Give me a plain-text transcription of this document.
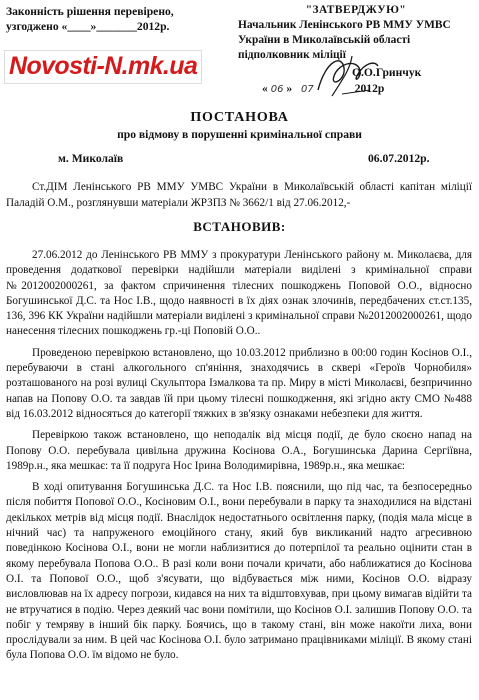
Законність рішення перевірено,
узгоджено «____»_______2012р.
Novosti-N.mk.ua
"ЗАТВЕРДЖУЮ"
Начальник Ленінського РВ ММУ УМВС
України в Миколаївській області
підполковник міліції
О.О.Гринчук
« 06 » 07	2012р
ПОСТАНОВА
про відмову в порушенні кримінальної справи
м. Миколаїв	06.07.2012р.
Ст.ДІМ Ленінського РВ ММУ УМВС України в Миколаївській області капітан міліції Паладій О.М., розглянувши матеріали ЖРЗПЗ № 3662/1 від 27.06.2012,-
ВСТАНОВИВ:

27.06.2012 до Ленінського РВ ММУ з прокуратури Ленінського району м. Миколаєва, для проведення додаткової перевірки надійшли матеріали виділені з кримінальної справи №2012002000261, за фактом спричинення тілесних пошкоджень Поповой О.О., відносно Богушинської Д.С. та Нос І.В., щодо наявності в їх діях ознак злочинів, передбачених ст.ст.135, 136, 396 КК України надійшли матеріали виділені з кримінальної справи №2012002000261, щодо нанесення тілесних пошкоджень гр.-ці Поповій О.О..

Проведеною перевіркою встановлено, що 10.03.2012 приблизно в 00:00 годин Косінов О.І., перебуваючи в стані алкогольного сп'яніння, знаходячись в сквері «Героїв Чорнобиля» розташованого на розі вулиці Скульптора Ізмалкова та пр. Миру в місті Миколаєві, безпричинно напав на Попову О.О. та завдав їй при цьому тілесні пошкодження, які згідно акту СМО №488 від 16.03.2012 відносяться до категорії тяжких в зв'язку ознаками небезпеки для життя.

Перевіркою також встановлено, що неподалік від місця події, де було скоєно напад на Попову О.О. перебувала цивільна дружина Косінова О.А., Богушинська Дарина Сергіївна, 1989р.н., яка мешкає: та її подруга Нос Ірина Володимирівна, 1989р.н., яка мешкає:

В ході опитування Богушинська Д.С. та Нос І.В. пояснили, що під час, та безпосередньо після побиття Попової О.О., Косіновим О.І., вони перебували в парку та знаходилися на відстані декількох метрів від місця події. Внаслідок недостатнього освітлення парку, (подія мала місце в нічний час) та напруженого емоційного стану, який був викликаний надто агресивною поведінкою Косінова О.І., вони не могли наблизитися до потерпілої та реально оцінити стан в якому перебувала Попова О.О.. В разі коли вони почали кричати, або наближатися до Косінова О.І. та Попової О.О., щоб з'ясувати, що відбувається між ними, Косінов О.О. відразу висловлював на їх адресу погрози, кидався на них та відштовхував, при цьому вимагав відійти та не втручатися в подію. Через деякий час вони помітили, що Косінов О.І. залишив Попову О.О. та побіг у темряву в інший бік парку. Боячись, що в такому стані, він може накоїти лиха, вони прослідували за ним. В цей час Косінова О.І. було затримано працівниками міліції. В якому стані була Попова О.О. їм відомо не було.
